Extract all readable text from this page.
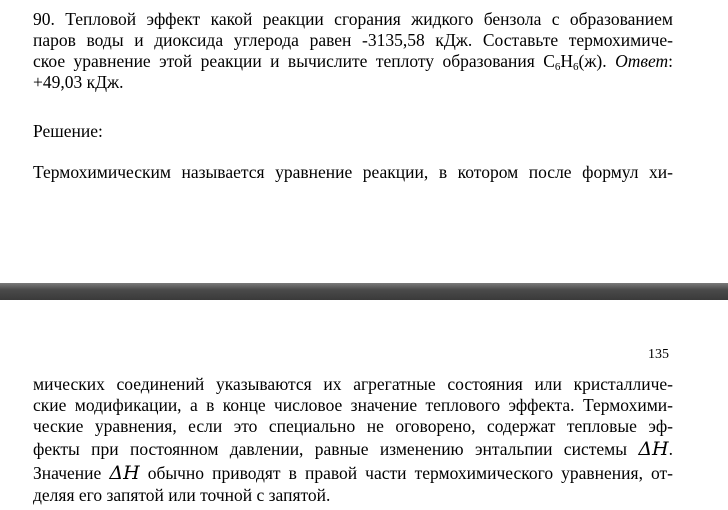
90. Тепловой эффект какой реакции сгорания жидкого бензола с образованием

паров воды и диоксида углерода равен -3135,58 кДж. Составьте термохимиче-

ское уравнение этой реакции и вычислите теплоту образования $C_6H_6(ж)$. Ответ:

+49,03 кДж.

Решение:

Термохимическим называется уравнение реакции, в котором после формул хи-

135

мических соединений указываются их агрегатные состояния или кристалличе-

ские модификации, а в конце числовое значение теплового эффекта. Термохими-

ческие уравнения, если это специально не оговорено, содержат тепловые эф-

фекты при постоянном давлении, равные изменению энтальпии системы ΔH.

Значение ΔH обычно приводят в правой части термохимического уравнения, от-

деляя его запятой или точной с запятой.
